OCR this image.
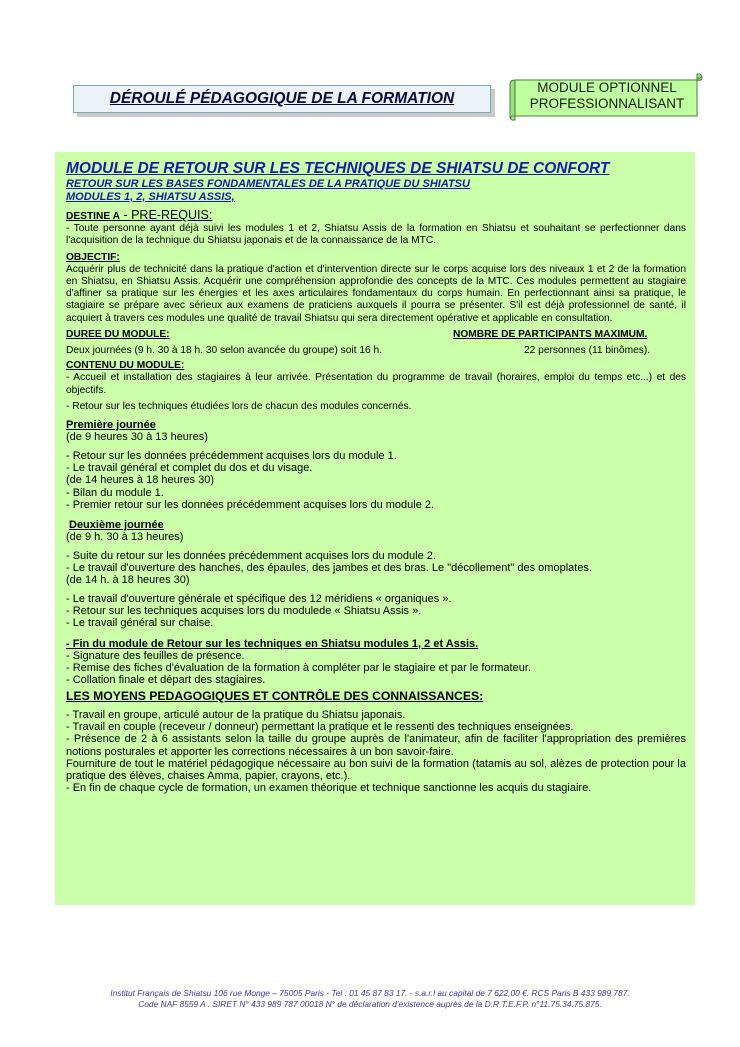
DÉROULÉ PÉDAGOGIQUE DE LA FORMATION
MODULE OPTIONNEL
PROFESSIONNALISANT
MODULE DE RETOUR SUR LES TECHNIQUES DE SHIATSU DE CONFORT
RETOUR SUR LES BASES FONDAMENTALES DE LA PRATIQUE DU SHIATSU
MODULES 1, 2, SHIATSU ASSIS,
DESTINE A - PRE-REQUIS:
- Toute personne ayant déjà suivi les modules 1 et 2, Shiatsu Assis de la formation en Shiatsu et souhaitant se perfectionner dans l'acquisition de la technique du Shiatsu japonais et de la connaissance de la MTC.
OBJECTIF:
Acquérir plus de technicité dans la pratique d'action et d'intervention directe sur le corps acquise lors des niveaux 1 et 2 de la formation en Shiatsu, en Shiatsu Assis. Acquérir une compréhension approfondie des concepts de la MTC. Ces modules permettent au stagiaire d'affiner sa pratique sur les énergies et les axes articulaires fondamentaux du corps humain. En perfectionnant ainsi sa pratique, le stagiaire se prépare avec sérieux aux examens de praticiens auxquels il pourra se présenter. S'il est déjà professionnel de santé, il acquiert à travers ces modules une qualité de travail Shiatsu qui sera directement opérative et applicable en consultation.
DUREE DU MODULE:	NOMBRE DE PARTICIPANTS MAXIMUM.
Deux journées (9 h. 30 à 18 h. 30 selon avancée du groupe) soit 16 h.	22 personnes (11 binômes).
CONTENU DU MODULE:
- Accueil et installation des stagiaires à leur arrivée. Présentation du programme de travail (horaires, emploi du temps etc...) et des objectifs.
- Retour sur les techniques étudiées lors de chacun des modules concernés.
Première journée
(de 9 heures 30 à 13 heures)
- Retour sur les données précédemment acquises lors du module 1.
- Le travail général et complet du dos et du visage.
(de 14 heures à 18 heures 30)
- Bilan du module 1.
- Premier retour sur les données précédemment acquises lors du module 2.
Deuxième journée
(de 9 h. 30 à 13 heures)
- Suite du retour sur les données précédemment acquises lors du module 2.
- Le travail d'ouverture des hanches, des épaules, des jambes et des bras. Le "décollement" des omoplates.
(de 14 h. à 18 heures 30)
- Le travail d'ouverture générale et spécifique des 12 méridiens « organiques ».
- Retour sur les techniques acquises lors du modulede « Shiatsu Assis ».
- Le travail général sur chaise.
- Fin du module de Retour sur les techniques en Shiatsu modules 1, 2 et Assis.
- Signature des feuilles de présence.
- Remise des fiches d'évaluation de la formation à compléter par le stagiaire et par le formateur.
- Collation finale et départ des stagiaires.
LES MOYENS PEDAGOGIQUES ET CONTRÔLE DES CONNAISSANCES:
- Travail en groupe, articulé autour de la pratique du Shiatsu japonais.
- Travail en couple (receveur / donneur) permettant la pratique et le ressenti des techniques enseignées.
- Présence de 2 à 6 assistants selon la taille du groupe auprès de l'animateur, afin de faciliter l'appropriation des premières notions posturales et apporter les corrections nécessaires à un bon savoir-faire.
Fourniture de tout le matériel pédagogique nécessaire au bon suivi de la formation (tatamis au sol, alèzes de protection pour la pratique des élèves, chaises Amma, papier, crayons, etc.).
- En fin de chaque cycle de formation, un examen théorique et technique sanctionne les acquis du stagiaire.
Institut Français de Shiatsu 106 rue Monge – 75005 Paris - Tel : 01 45 87 83 17. - s.a.r.l au capital de 7 622,00 €. RCS Paris B 433 989.787.
Code NAF 8559 A . SIRET N° 433 989 787 00018 N° de déclaration d'existence auprès de la D.R.T.E.F.P. n°11.75.34.75.875.
